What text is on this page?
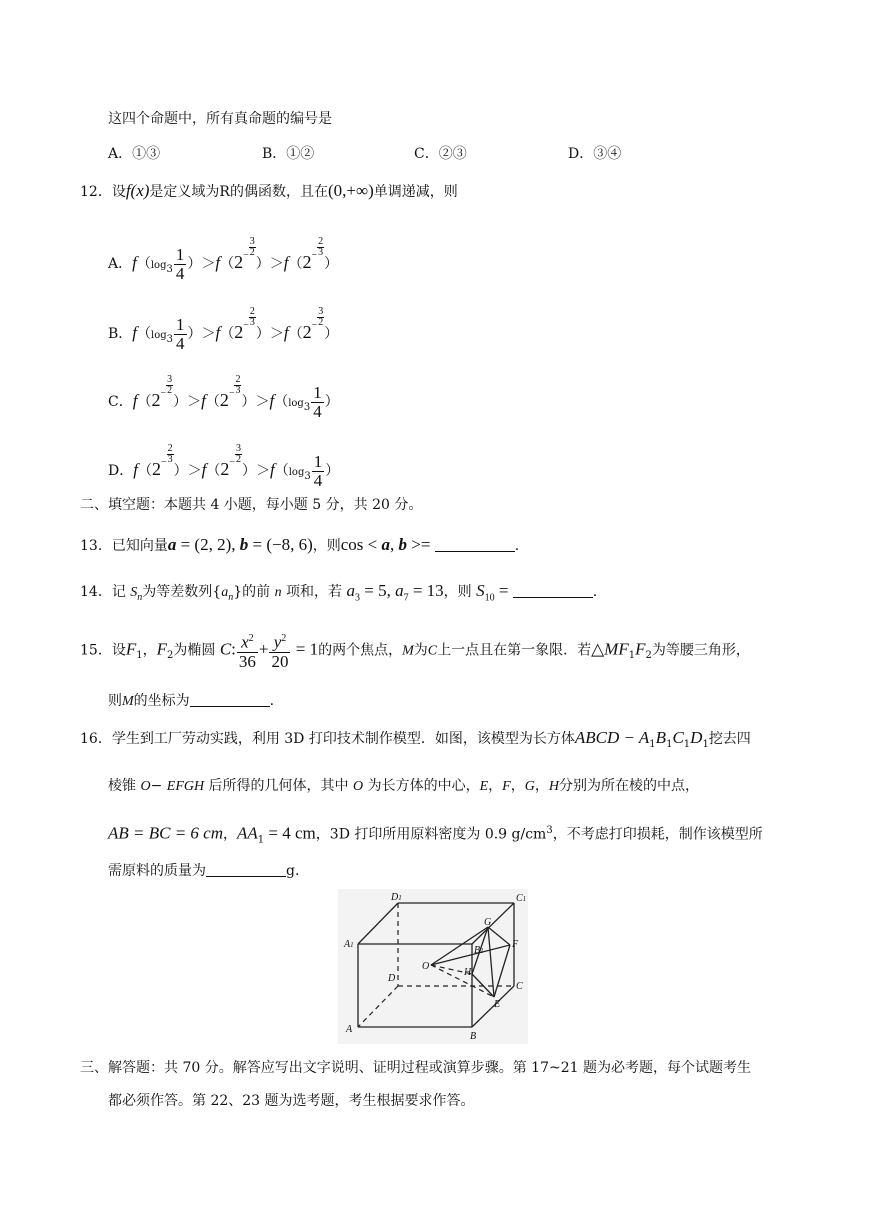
这四个命题中，所有真命题的编号是
A．①③	B．①②	C．②③	D．③④
12．设f(x)是定义域为R的偶函数，且在(0,+∞)单调递减，则
A．$f(\log_3 \frac{1}{4} )>f(2^- \frac{3}{2}$
）$>f(2^- \frac{2}{3}$
）
B．$f(\log_3 \frac{1}{4} )>f(2^- \frac{2}{3}$
）$>f(2^- \frac{3}{2}$
）
C．$f(2^- \frac{3}{2}$
）$>f(2^- \frac{2}{3}$
）$>f(\log_3 \frac{1}{4}$ ）
D．$f(2^- \frac{2}{3}$
）$>f(2^- \frac{3}{2}$
）$>f(\log_3 \frac{1}{4}$ ）
二、填空题：本题共 4 小题，每小题 5 分，共 20 分。
13．已知向量a = (2, 2), b = (−8, 6)，则cos < a, b >=	.
14．记 $S_n$为等差数列$\{a_n\}$的前 n 项和，若 $a_3 = 5$, $a_7 = 13$，则 $S_{10}$ =	.
15．设$F_1$，$F_2$为椭圆 C: $\frac{x^2}{36} + \frac{y^2}{20} = 1$的两个焦点，M为C上一点且在第一象限．若$\triangle MF_1F_2$为等腰三角形，
则M的坐标为	.
16．学生到工厂劳动实践，利用 3D 打印技术制作模型．如图，该模型为长方体ABCD − $A_1B_1C_1D_1$挖去四
棱锥 O− EFGH 后所得的几何体，其中 O 为长方体的中心，E，F，G，H分别为所在棱的中点，
AB = BC = 6 cm，$AA_1 = 4$ cm，3D 打印所用原料密度为 0.9 $g/cm^3$，不考虑打印损耗，制作该模型所
需原料的质量为	g.
D1	C1
A1	B1
D
C
A
B
G
F
E
H
O
三、解答题：共 70 分。解答应写出文字说明、证明过程或演算步骤。第 17~21 题为必考题，每个试题考生
都必须作答。第 22、23 题为选考题，考生根据要求作答。
